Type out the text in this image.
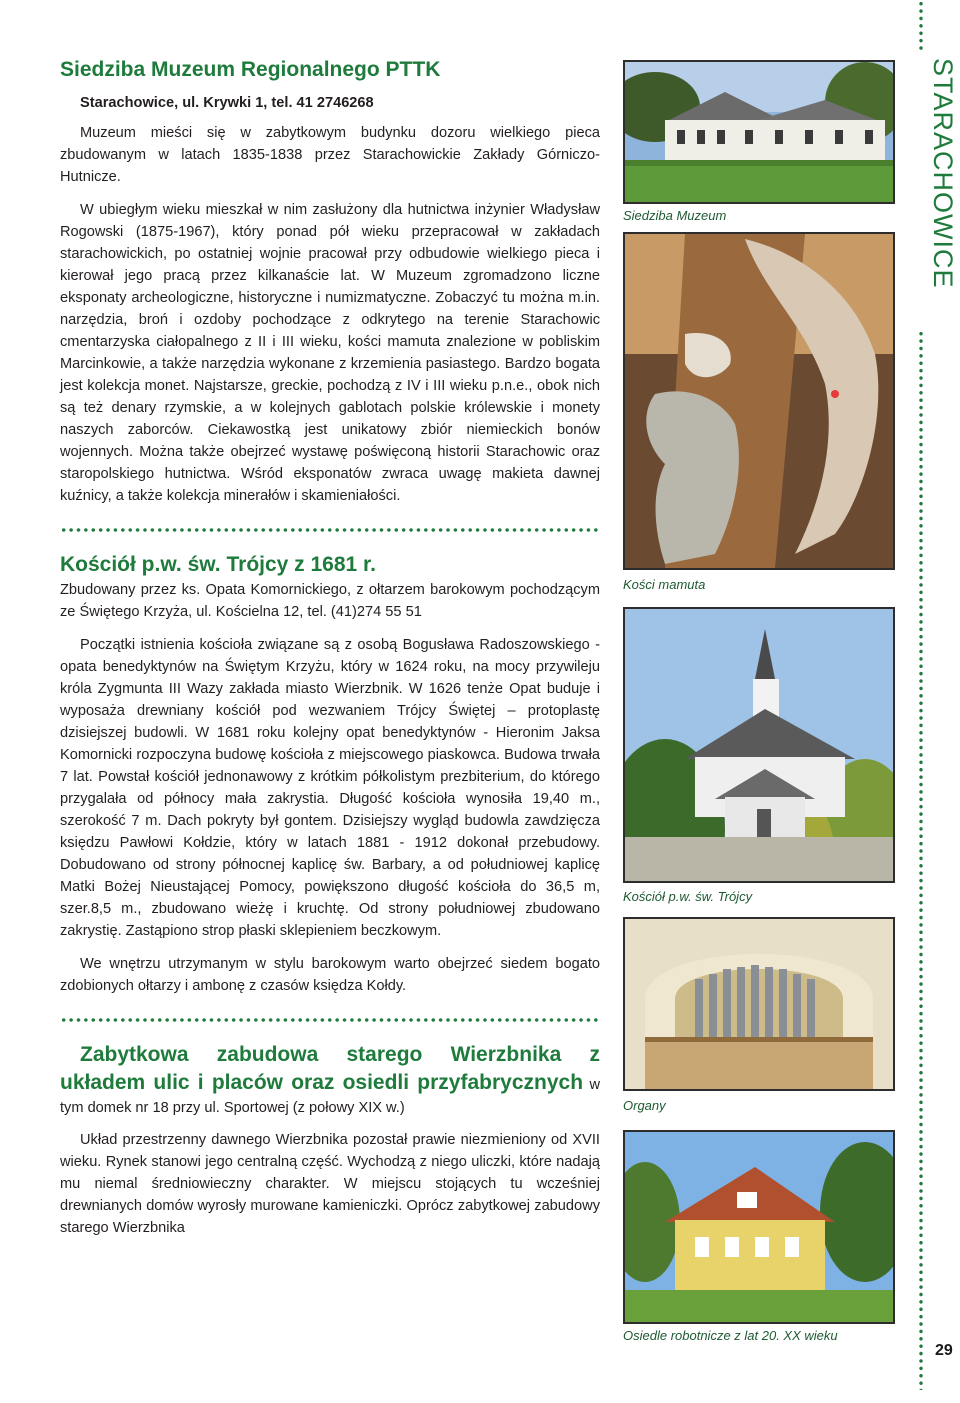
STARACHOWICE

Siedziba Muzeum Regionalnego PTTK

Starachowice, ul. Krywki 1, tel. 41 2746268

Muzeum mieści się w zabytkowym budynku dozoru wielkiego pieca zbudowanym w latach 1835-1838 przez Starachowickie Zakłady Górniczo-Hutnicze.

W ubiegłym wieku mieszkał w nim zasłużony dla hutnictwa inżynier Władysław Rogowski (1875-1967), który ponad pół wieku przepracował w zakładach starachowickich, po ostatniej wojnie pracował przy odbudowie wielkiego pieca i kierował jego pracą przez kilkanaście lat. W Muzeum zgromadzono liczne eksponaty archeologiczne, historyczne i numizmatyczne. Zobaczyć tu można m.in. narzędzia, broń i ozdoby pochodzące z odkrytego na terenie Starachowic cmentarzyska ciałopalnego z II i III wieku, kości mamuta znalezione w pobliskim Marcinkowie, a także narzędzia wykonane z krzemienia pasiastego. Bardzo bogata jest kolekcja monet. Najstarsze, greckie, pochodzą z IV i III wieku p.n.e., obok nich są też denary rzymskie, a w kolejnych gablotach polskie królewskie i monety naszych zaborców. Ciekawostką jest unikatowy zbiór niemieckich bonów wojennych. Można także obejrzeć wystawę poświęconą historii Starachowic oraz staropolskiego hutnictwa. Wśród eksponatów zwraca uwagę makieta dawnej kuźnicy, a także kolekcja minerałów i skamieniałości.

Kościół p.w. św. Trójcy z 1681 r.

Zbudowany przez ks. Opata Komornickiego, z ołtarzem barokowym pochodzącym ze Świętego Krzyża, ul. Kościelna 12, tel. (41)274 55 51

Początki istnienia kościoła związane są z osobą Bogusława Radoszowskiego - opata benedyktynów na Świętym Krzyżu, który w 1624 roku, na mocy przywileju króla Zygmunta III Wazy zakłada miasto Wierzbnik. W 1626 tenże Opat buduje i wyposaża drewniany kościół pod wezwaniem Trójcy Świętej – protoplastę dzisiejszej budowli. W 1681 roku kolejny opat benedyktynów - Hieronim Jaksa Komornicki rozpoczyna budowę kościoła z miejscowego piaskowca. Budowa trwała 7 lat. Powstał kościół jednonawowy z krótkim półkolistym prezbiterium, do którego przygalała od północy mała zakrystia. Długość kościoła wynosiła 19,40 m., szerokość 7 m. Dach pokryty był gontem. Dzisiejszy wygląd budowla zawdzięcza księdzu Pawłowi Kołdzie, który w latach 1881 - 1912 dokonał przebudowy. Dobudowano od strony północnej kaplicę św. Barbary, a od południowej kaplicę Matki Bożej Nieustającej Pomocy, powiększono długość kościoła do 36,5 m, szer.8,5 m., zbudowano wieżę i kruchtę. Od strony południowej zbudowano zakrystię. Zastąpiono strop płaski sklepieniem beczkowym.

We wnętrzu utrzymanym w stylu barokowym warto obejrzeć siedem bogato zdobionych ołtarzy i ambonę z czasów księdza Kołdy.

Zabytkowa zabudowa starego Wierzbnika z układem ulic i placów oraz osiedli przyfabrycznych w tym domek nr 18 przy ul. Sportowej (z połowy XIX w.)

Układ przestrzenny dawnego Wierzbnika pozostał prawie niezmieniony od XVII wieku. Rynek stanowi jego centralną część. Wychodzą z niego uliczki, które nadają mu niemal średniowieczny charakter. W miejscu stojących tu wcześniej drewnianych domów wyrosły murowane kamieniczki. Oprócz zabytkowej zabudowy starego Wierzbnika

Siedziba Muzeum
Kości mamuta
Kościół p.w. św. Trójcy
Organy
Osiedle robotnicze z lat 20. XX wieku
29
